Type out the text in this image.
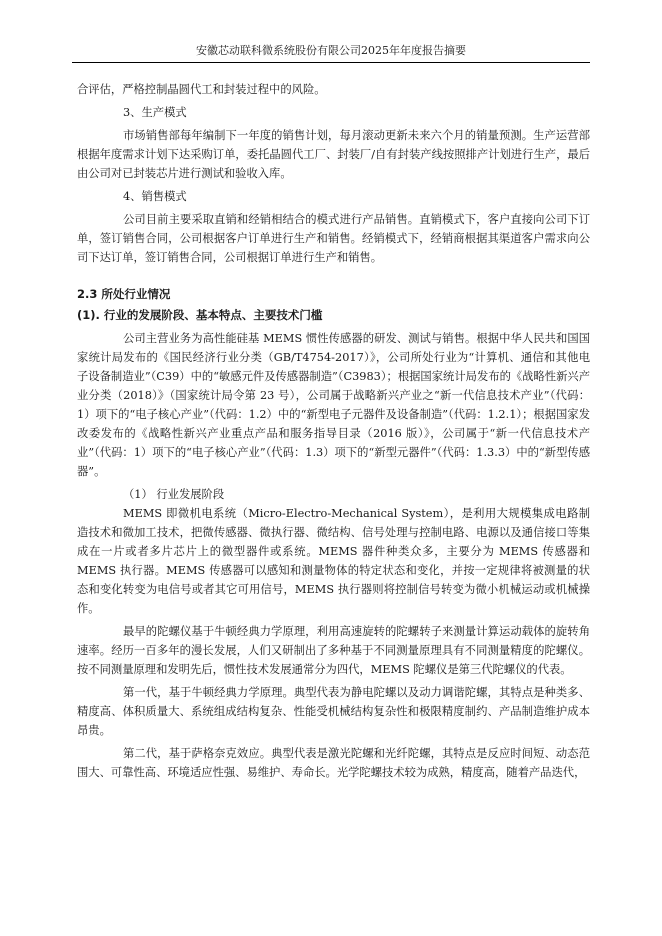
安徽芯动联科微系统股份有限公司2025年年度报告摘要

合评估，严格控制晶圆代工和封装过程中的风险。

3、生产模式

市场销售部每年编制下一年度的销售计划，每月滚动更新未来六个月的销量预测。生产运营部根据年度需求计划下达采购订单，委托晶圆代工厂、封装厂/自有封装产线按照排产计划进行生产，最后由公司对已封装芯片进行测试和验收入库。

4、销售模式

公司目前主要采取直销和经销相结合的模式进行产品销售。直销模式下，客户直接向公司下订单，签订销售合同，公司根据客户订单进行生产和销售。经销模式下，经销商根据其渠道客户需求向公司下达订单，签订销售合同，公司根据订单进行生产和销售。

2.3 所处行业情况
(1). 行业的发展阶段、基本特点、主要技术门槛

公司主营业务为高性能硅基 MEMS 惯性传感器的研发、测试与销售。根据中华人民共和国国家统计局发布的《国民经济行业分类（GB/T4754-2017）》，公司所处行业为“计算机、通信和其他电子设备制造业”（C39）中的“敏感元件及传感器制造”（C3983）；根据国家统计局发布的《战略性新兴产业分类（2018）》（国家统计局令第 23 号），公司属于战略新兴产业之“新一代信息技术产业”（代码：1）项下的“电子核心产业”（代码：1.2）中的“新型电子元器件及设备制造”（代码：1.2.1）；根据国家发改委发布的《战略性新兴产业重点产品和服务指导目录（2016 版）》，公司属于“新一代信息技术产业”（代码：1）项下的“电子核心产业”（代码：1.3）项下的“新型元器件”（代码：1.3.3）中的“新型传感器”。

（1） 行业发展阶段

MEMS 即微机电系统（Micro-Electro-Mechanical System），是利用大规模集成电路制造技术和微加工技术，把微传感器、微执行器、微结构、信号处理与控制电路、电源以及通信接口等集成在一片或者多片芯片上的微型器件或系统。MEMS 器件种类众多，主要分为 MEMS 传感器和 MEMS 执行器。MEMS 传感器可以感知和测量物体的特定状态和变化，并按一定规律将被测量的状态和变化转变为电信号或者其它可用信号，MEMS 执行器则将控制信号转变为微小机械运动或机械操作。

最早的陀螺仪基于牛顿经典力学原理，利用高速旋转的陀螺转子来测量计算运动载体的旋转角速率。经历一百多年的漫长发展，人们又研制出了多种基于不同测量原理具有不同测量精度的陀螺仪。按不同测量原理和发明先后，惯性技术发展通常分为四代，MEMS 陀螺仪是第三代陀螺仪的代表。

第一代，基于牛顿经典力学原理。典型代表为静电陀螺以及动力调谐陀螺，其特点是种类多、精度高、体积质量大、系统组成结构复杂、性能受机械结构复杂性和极限精度制约、产品制造维护成本昂贵。

第二代，基于萨格奈克效应。典型代表是激光陀螺和光纤陀螺，其特点是反应时间短、动态范围大、可靠性高、环境适应性强、易维护、寿命长。光学陀螺技术较为成熟，精度高，随着产品迭代，
